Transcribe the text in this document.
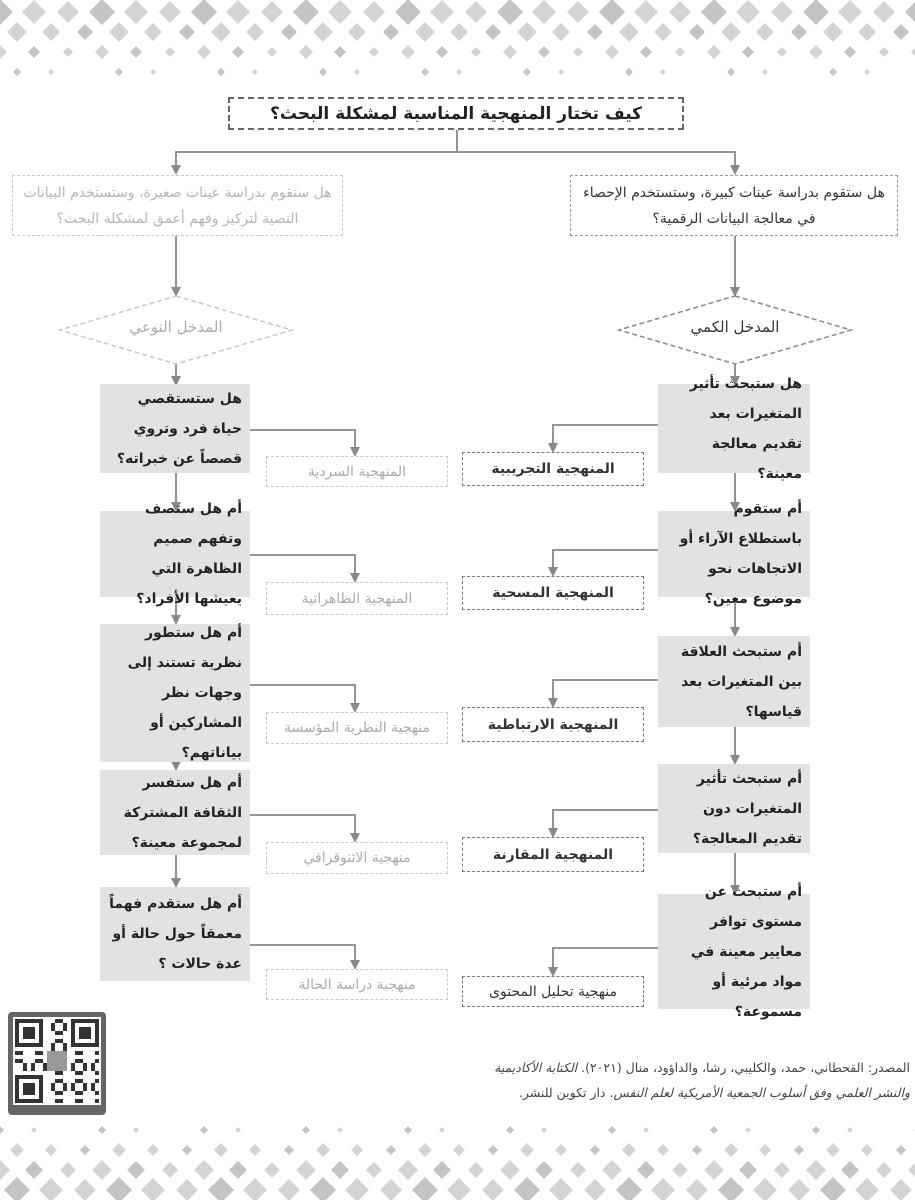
كيف تختار المنهجية المناسبة لمشكلة البحث؟
هل ستقوم بدراسة عينات كبيرة، وستستخدم الإحصاء في معالجة البيانات الرقمية؟
هل ستقوم بدراسة عينات صغيرة، وستستخدم البيانات النصية لتركيز وفهم أعمق لمشكلة البحث؟
المدخل الكمي
المدخل النوعي
هل ستبحث تأثير المتغيرات بعد تقديم معالجة معينة؟
أم ستقوم باستطلاع الآراء أو الاتجاهات نحو موضوع معين؟
أم ستبحث العلاقة بين المتغيرات بعد قياسها؟
أم ستبحث تأثير المتغيرات دون تقديم المعالجة؟
أم ستبحث عن مستوى توافر معايير معينة في مواد مرئية أو مسموعة؟
المنهجية التجريبية
المنهجية المسحية
المنهجية الارتباطية
المنهجية المقارنة
منهجية تحليل المحتوى
هل ستستقصي حياة فرد وتروي قصصاً عن خبراته؟
أم هل ستصف وتفهم صميم الظاهرة التي يعيشها الأفراد؟
أم هل ستطور نظرية تستند إلى وجهات نظر المشاركين أو بياناتهم؟
أم هل ستفسر الثقافة المشتركة لمجموعة معينة؟
أم هل ستقدم فهماً معمقاً حول حالة أو عدة حالات ؟
المنهجية السردية
المنهجية الظاهراتية
منهجية النظرية المؤسسة
منهجية الاثنوقرافي
منهجية دراسة الحالة
المصدر: القحطاني، حمد، والكليبي، رشا، والداؤود، منال (٢٠٢١). الكتابة الأكاديمية
والنشر العلمي وفق أسلوب الجمعية الأمريكية لعلم النفس. دار تكوين للنشر.
